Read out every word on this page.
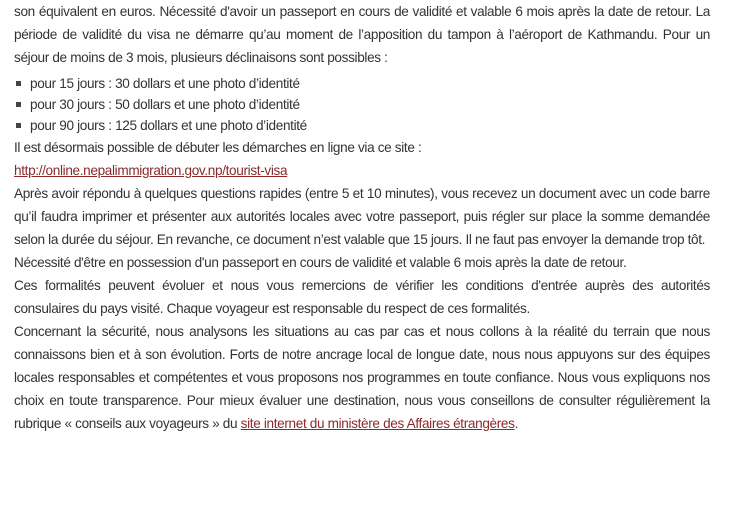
son équivalent en euros. Nécessité d'avoir un passeport en cours de validité et valable 6 mois après la date de retour. La période de validité du visa ne démarre qu’au moment de l’apposition du tampon à l’aéroport de Kathmandu. Pour un séjour de moins de 3 mois, plusieurs déclinaisons sont possibles :

pour 15 jours : 30 dollars et une photo d’identité
pour 30 jours : 50 dollars et une photo d’identité
pour 90 jours : 125 dollars et une photo d’identité

Il est désormais possible de débuter les démarches en ligne via ce site :

http://online.nepalimmigration.gov.np/tourist-visa

Après avoir répondu à quelques questions rapides (entre 5 et 10 minutes), vous recevez un document avec un code barre qu’il faudra imprimer et présenter aux autorités locales avec votre passeport, puis régler sur place la somme demandée selon la durée du séjour. En revanche, ce document n’est valable que 15 jours. Il ne faut pas envoyer la demande trop tôt.

Nécessité d'être en possession d'un passeport en cours de validité et valable 6 mois après la date de retour.

Ces formalités peuvent évoluer et nous vous remercions de vérifier les conditions d'entrée auprès des autorités consulaires du pays visité. Chaque voyageur est responsable du respect de ces formalités.

Concernant la sécurité, nous analysons les situations au cas par cas et nous collons à la réalité du terrain que nous connaissons bien et à son évolution. Forts de notre ancrage local de longue date, nous nous appuyons sur des équipes locales responsables et compétentes et vous proposons nos programmes en toute confiance. Nous vous expliquons nos choix en toute transparence. Pour mieux évaluer une destination, nous vous conseillons de consulter régulièrement la rubrique « conseils aux voyageurs » du site internet du ministère des Affaires étrangères.
